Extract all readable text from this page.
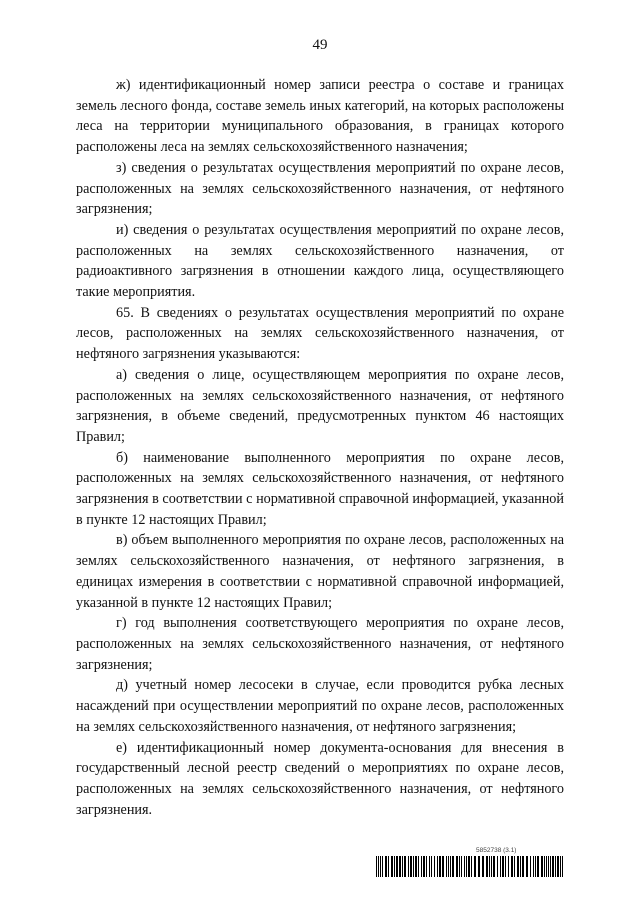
49

ж) идентификационный номер записи реестра о составе и границах земель лесного фонда, составе земель иных категорий, на которых расположены леса на территории муниципального образования, в границах которого расположены леса на землях сельскохозяйственного назначения;

з) сведения о результатах осуществления мероприятий по охране лесов, расположенных на землях сельскохозяйственного назначения, от нефтяного загрязнения;

и) сведения о результатах осуществления мероприятий по охране лесов, расположенных на землях сельскохозяйственного назначения, от радиоактивного загрязнения в отношении каждого лица, осуществляющего такие мероприятия.

65. В сведениях о результатах осуществления мероприятий по охране лесов, расположенных на землях сельскохозяйственного назначения, от нефтяного загрязнения указываются:

а) сведения о лице, осуществляющем мероприятия по охране лесов, расположенных на землях сельскохозяйственного назначения, от нефтяного загрязнения, в объеме сведений, предусмотренных пунктом 46 настоящих Правил;

б) наименование выполненного мероприятия по охране лесов, расположенных на землях сельскохозяйственного назначения, от нефтяного загрязнения в соответствии с нормативной справочной информацией, указанной в пункте 12 настоящих Правил;

в) объем выполненного мероприятия по охране лесов, расположенных на землях сельскохозяйственного назначения, от нефтяного загрязнения, в единицах измерения в соответствии с нормативной справочной информацией, указанной в пункте 12 настоящих Правил;

г) год выполнения соответствующего мероприятия по охране лесов, расположенных на землях сельскохозяйственного назначения, от нефтяного загрязнения;

д) учетный номер лесосеки в случае, если проводится рубка лесных насаждений при осуществлении мероприятий по охране лесов, расположенных на землях сельскохозяйственного назначения, от нефтяного загрязнения;

е) идентификационный номер документа-основания для внесения в государственный лесной реестр сведений о мероприятиях по охране лесов, расположенных на землях сельскохозяйственного назначения, от нефтяного загрязнения.

5852738 (3.1)
